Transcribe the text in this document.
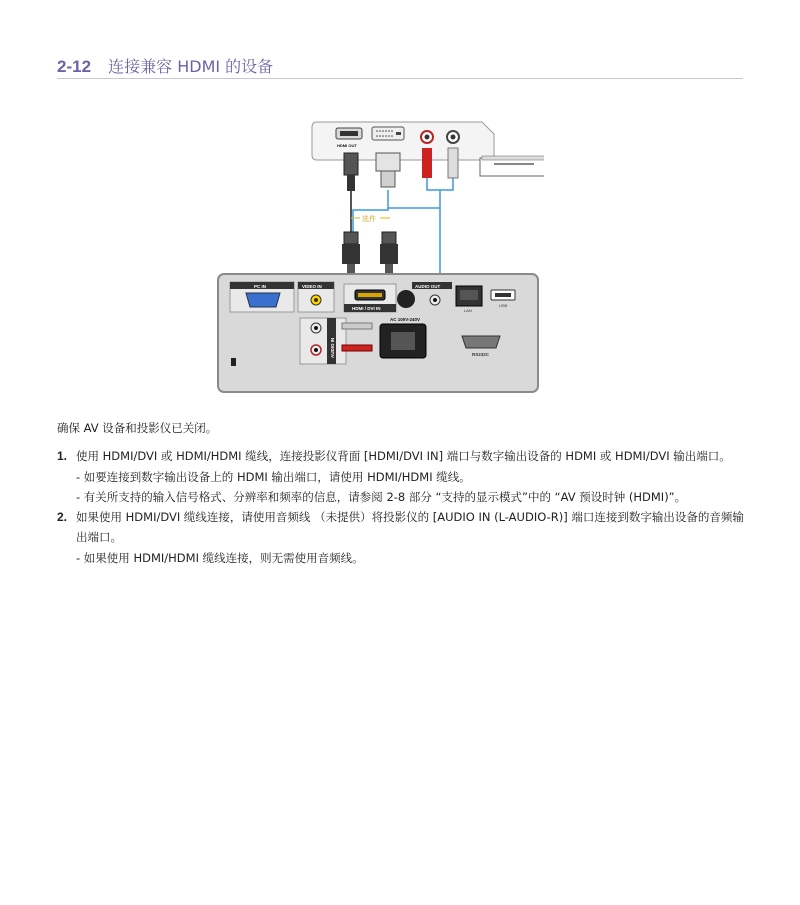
2-12 连接兼容 HDMI 的设备
HDMI OUT
选件
PC IN	VIDEO IN
HDMI / DVI IN
AUDIO OUT
LAN
USB
AUDIO IN
AC 100V-240V
RS232C

确保 AV 设备和投影仪已关闭。

1. 使用 HDMI/DVI 或 HDMI/HDMI 缆线，连接投影仪背面 [HDMI/DVI IN] 端口与数字输出设备的 HDMI 或 HDMI/DVI 输出端口。
- 如要连接到数字输出设备上的 HDMI 输出端口，请使用 HDMI/HDMI 缆线。
- 有关所支持的输入信号格式、分辨率和频率的信息，请参阅 2-8 部分 “支持的显示模式”中的 “AV 预设时钟 (HDMI)”。
2. 如果使用 HDMI/DVI 缆线连接，请使用音频线 （未提供）将投影仪的 [AUDIO IN (L-AUDIO-R)] 端口连接到数字输出设备的音频输出端口。
- 如果使用 HDMI/HDMI 缆线连接，则无需使用音频线。
